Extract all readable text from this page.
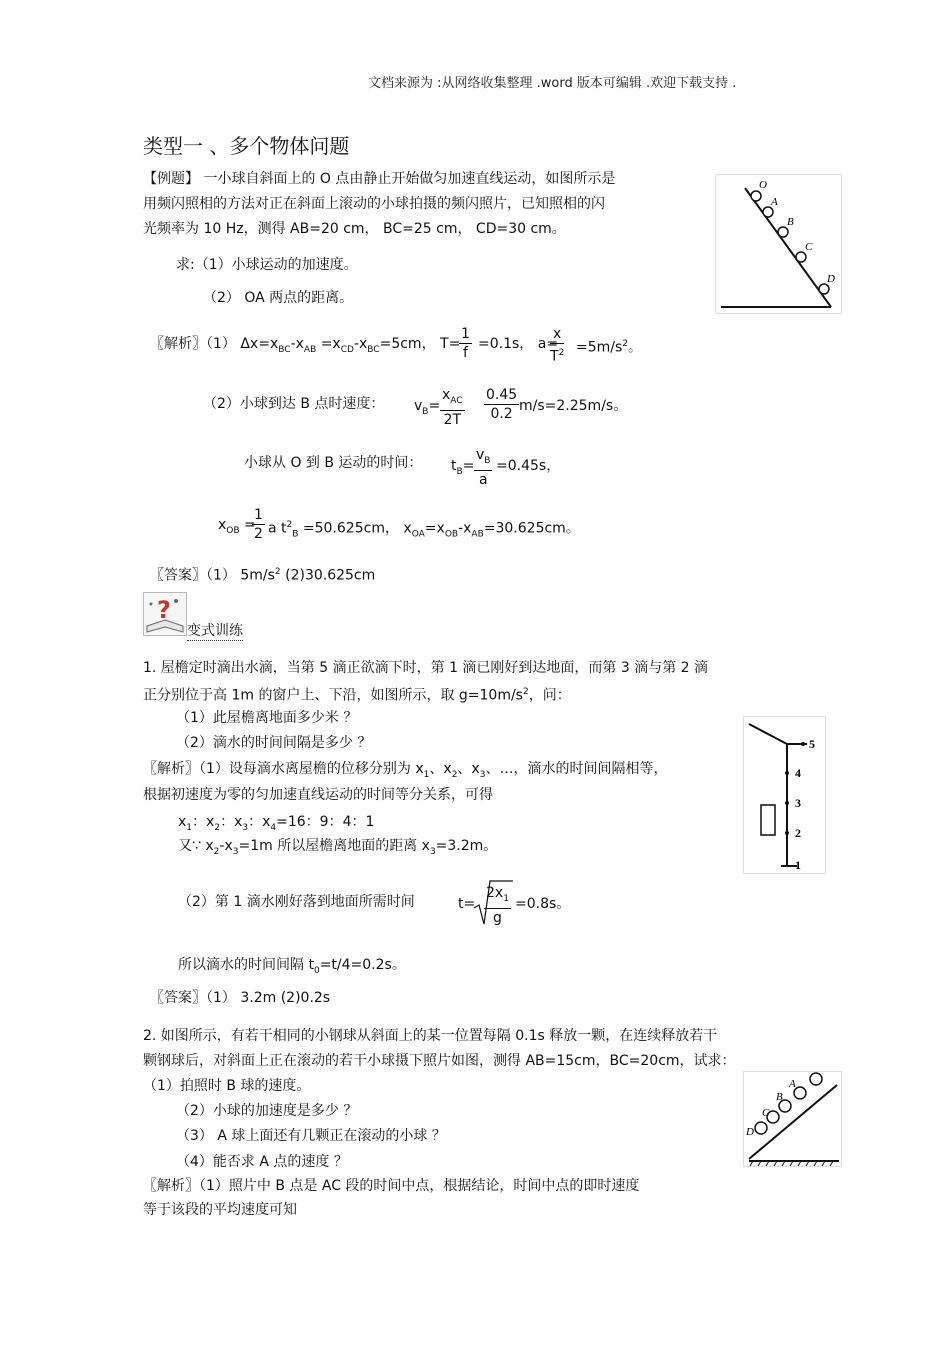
文档来源为 :从网络收集整理 .word 版本可编辑 .欢迎下载支持 .
类型一 、多个物体问题
【例题】 一小球自斜面上的 O 点由静止开始做匀加速直线运动，如图所示是
用频闪照相的方法对正在斜面上滚动的小球拍摄的频闪照片，已知照相的闪
光频率为 10 Hz，测得 AB=20 cm， BC=25 cm， CD=30 cm。
求:（1）小球运动的加速度。
（2） OA 两点的距离。
O
A
B
C
D
〖解析〗（1） $\Delta x=x_{BC}-x_{AB} =x_{CD}-x_{BC}=5cm$， T=
$\frac{1}{f} =0.1s$， a=
$\frac{x}{T^2} =5m/s^2$。
（2）小球到达 B 点时速度： $v_B=$
$x_{AC}$
$2T \frac{0.45}{0.2} m/s=2.25m/s$。
小球从 O 到 B 运动的时间： $t_B= \frac{v_B}{a} =0.45s$，
$x_{OB}$ =
$\frac{1}{2}$ a $t^2_B =50.625cm$， $x_{OA}=x_{OB}-x_{AB}=30.625cm$。
〖答案〗（1） $5m/s^2$ (2)30.625cm
?
变式训练
1. 屋檐定时滴出水滴，当第 5 滴正欲滴下时，第 1 滴已刚好到达地面，而第 3 滴与第 2 滴
正分别位于高 1m 的窗户上、下沿，如图所示，取 $g=10m/s^2$，问：
（1）此屋檐离地面多少米 ？
（2）滴水的时间间隔是多少 ？
〖解析〗（1）设每滴水离屋檐的位移分别为 $x_1$、$x_2$、$x_3$、…，滴水的时间间隔相等，
根据初速度为零的匀加速直线运动的时间等分关系，可得
$x_1$：$x_2$：$x_3$：$x_4=16$：9：4：1
又∵ $x_2-x_3=1m$ 所以屋檐离地面的距离 $x_3=3.2m$。
（2）第 1 滴水刚好落到地面所需时间	$t= \frac{2x_1}{g} =0.8s$。
所以滴水的时间间隔 $t_0=t/4=0.2s$。
〖答案〗（1） 3.2m (2)0.2s
5
4
3
2
1
2. 如图所示，有若干相同的小钢球从斜面上的某一位置每隔 0.1s 释放一颗，在连续释放若干
颗钢球后，对斜面上正在滚动的若干小球摄下照片如图，测得 AB=15cm，BC=20cm，试求：
（1）拍照时 B 球的速度。
（2）小球的加速度是多少 ？
（3） A 球上面还有几颗正在滚动的小球 ？
（4）能否求 A 点的速度 ？
〖解析〗（1）照片中 B 点是 AC 段的时间中点，根据结论，时间中点的即时速度
等于该段的平均速度可知
A
B
C
D
